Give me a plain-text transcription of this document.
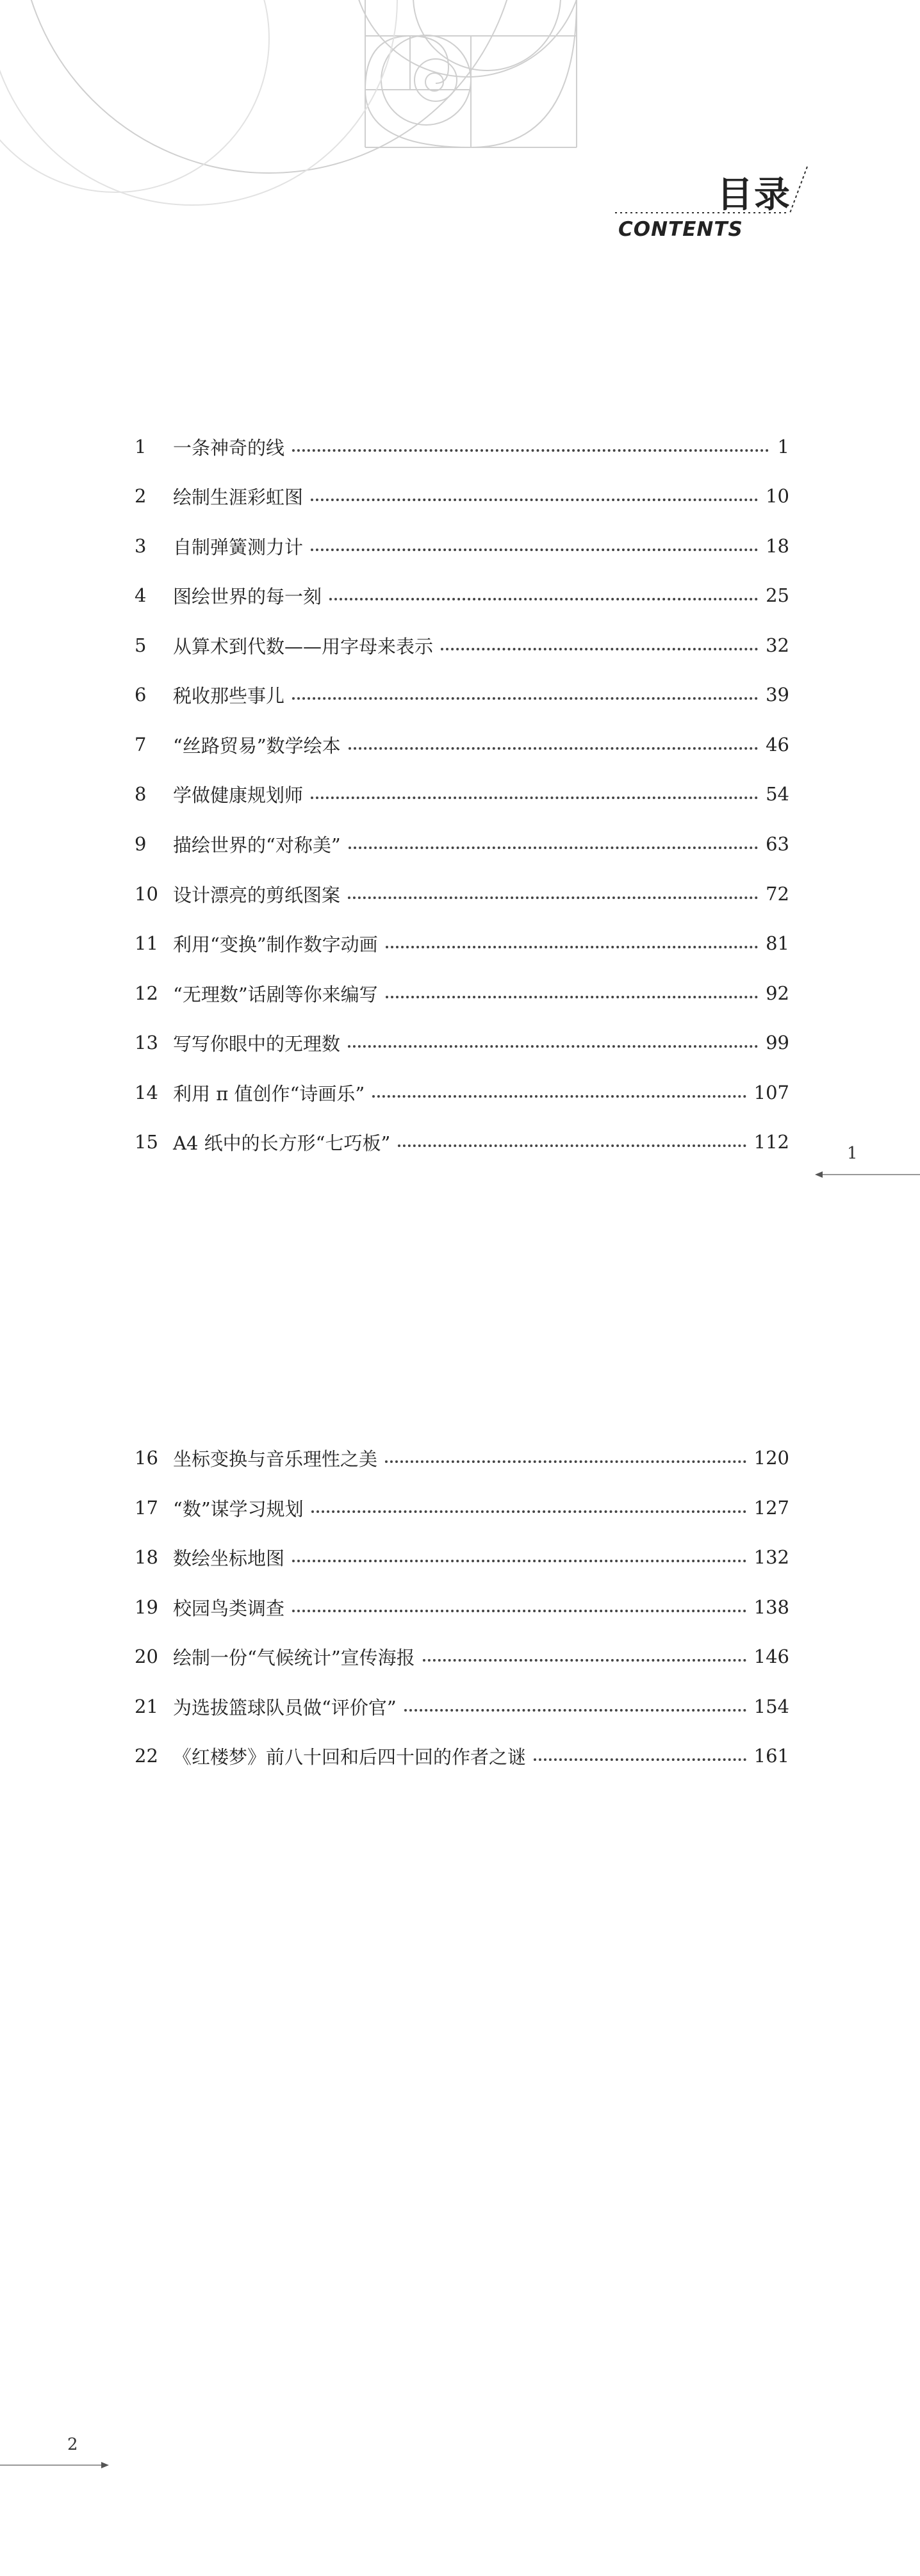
目录
CONTENTS
1	一条神奇的线	1
2	绘制生涯彩虹图	10
3	自制弹簧测力计	18
4	图绘世界的每一刻	25
5	从算术到代数——用字母来表示	32
6	税收那些事儿	39
7	“丝路贸易”数学绘本	46
8	学做健康规划师	54
9	描绘世界的“对称美”	63
10 设计漂亮的剪纸图案	72
11 利用“变换”制作数字动画	81
12 “无理数”话剧等你来编写	92
13 写写你眼中的无理数	99
14 利用 π 值创作“诗画乐”	107
15 A4 纸中的长方形“七巧板”	112
1
16 坐标变换与音乐理性之美	120
17 “数”谋学习规划	127
18 数绘坐标地图	132
19 校园鸟类调查	138
20 绘制一份“气候统计”宣传海报	146
21 为选拔篮球队员做“评价官”	154
22 《红楼梦》前八十回和后四十回的作者之谜	161
2
